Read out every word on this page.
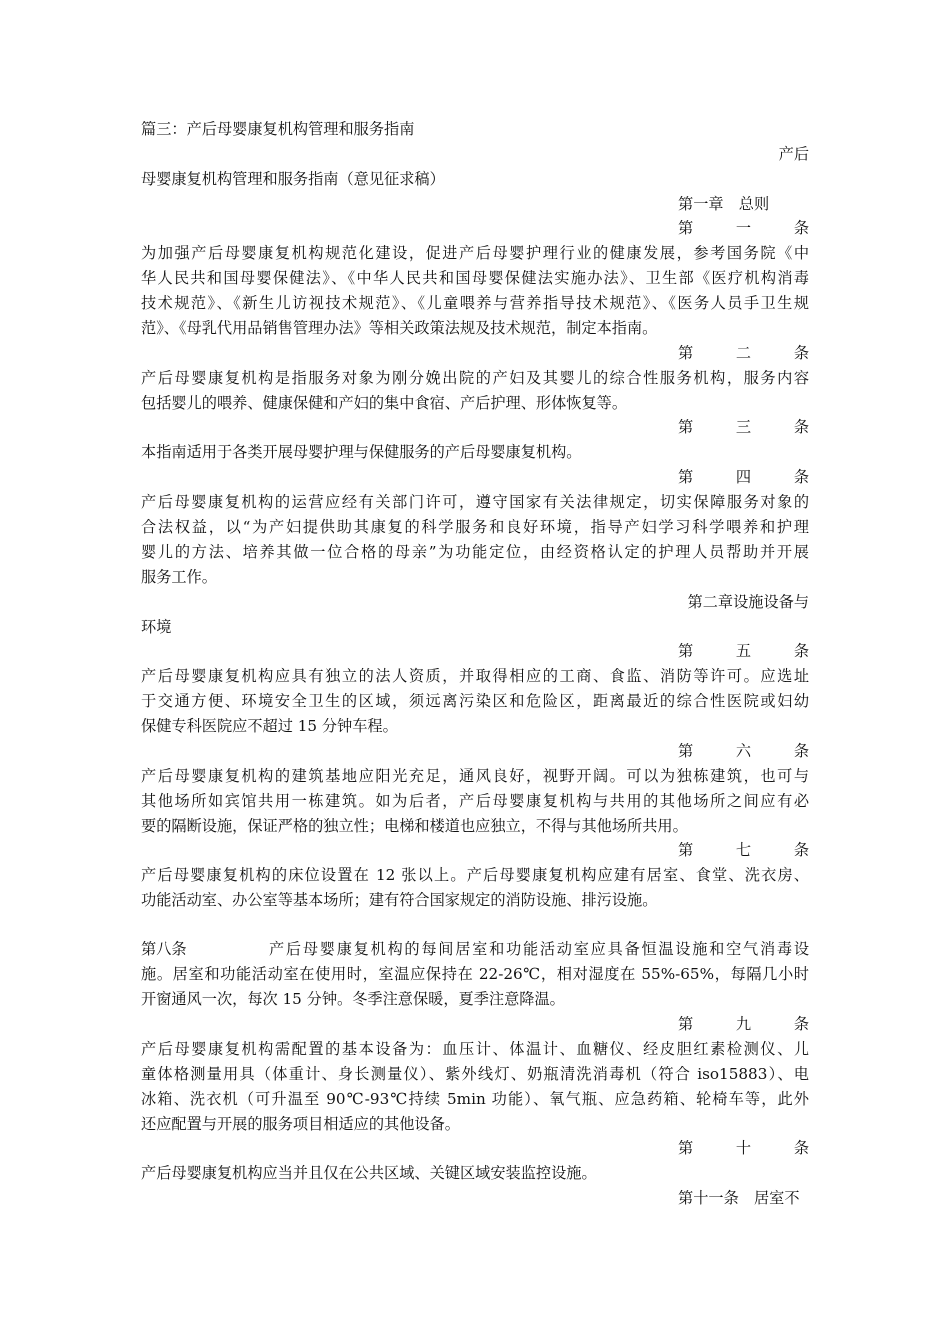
篇三：产后母婴康复机构管理和服务指南
产后
母婴康复机构管理和服务指南（意见征求稿）
第一章　总则
第	一	条
为加强产后母婴康复机构规范化建设，促进产后母婴护理行业的健康发展，参考国务院《中
华人民共和国母婴保健法》、《中华人民共和国母婴保健法实施办法》、卫生部《医疗机构消毒
技术规范》、《新生儿访视技术规范》、《儿童喂养与营养指导技术规范》、《医务人员手卫生规
范》、《母乳代用品销售管理办法》等相关政策法规及技术规范，制定本指南。
第	二	条
产后母婴康复机构是指服务对象为刚分娩出院的产妇及其婴儿的综合性服务机构，服务内容
包括婴儿的喂养、健康保健和产妇的集中食宿、产后护理、形体恢复等。
第	三	条
本指南适用于各类开展母婴护理与保健服务的产后母婴康复机构。
第	四	条
产后母婴康复机构的运营应经有关部门许可，遵守国家有关法律规定，切实保障服务对象的
合法权益，以“为产妇提供助其康复的科学服务和良好环境，指导产妇学习科学喂养和护理
婴儿的方法、培养其做一位合格的母亲”为功能定位，由经资格认定的护理人员帮助并开展
服务工作。
第二章设施设备与
环境
第	五	条
产后母婴康复机构应具有独立的法人资质，并取得相应的工商、食监、消防等许可。应选址
于交通方便、环境安全卫生的区域，须远离污染区和危险区，距离最近的综合性医院或妇幼
保健专科医院应不超过 15 分钟车程。
第	六	条
产后母婴康复机构的建筑基地应阳光充足，通风良好，视野开阔。可以为独栋建筑，也可与
其他场所如宾馆共用一栋建筑。如为后者，产后母婴康复机构与共用的其他场所之间应有必
要的隔断设施，保证严格的独立性；电梯和楼道也应独立，不得与其他场所共用。
第	七	条
产后母婴康复机构的床位设置在 12 张以上。产后母婴康复机构应建有居室、食堂、洗衣房、
功能活动室、办公室等基本场所；建有符合国家规定的消防设施、排污设施。
第八条	产后母婴康复机构的每间居室和功能活动室应具备恒温设施和空气消毒设
施。居室和功能活动室在使用时，室温应保持在 22-26℃，相对湿度在 55%-65%，每隔几小时
开窗通风一次，每次 15 分钟。冬季注意保暖，夏季注意降温。
第	九	条
产后母婴康复机构需配置的基本设备为：血压计、体温计、血糖仪、经皮胆红素检测仪、儿
童体格测量用具（体重计、身长测量仪）、紫外线灯、奶瓶清洗消毒机（符合 iso15883）、电
冰箱、洗衣机（可升温至 90℃-93℃持续 5min 功能）、氧气瓶、应急药箱、轮椅车等，此外
还应配置与开展的服务项目相适应的其他设备。
第	十	条
产后母婴康复机构应当并且仅在公共区域、关键区域安装监控设施。
第十一条　居室不
